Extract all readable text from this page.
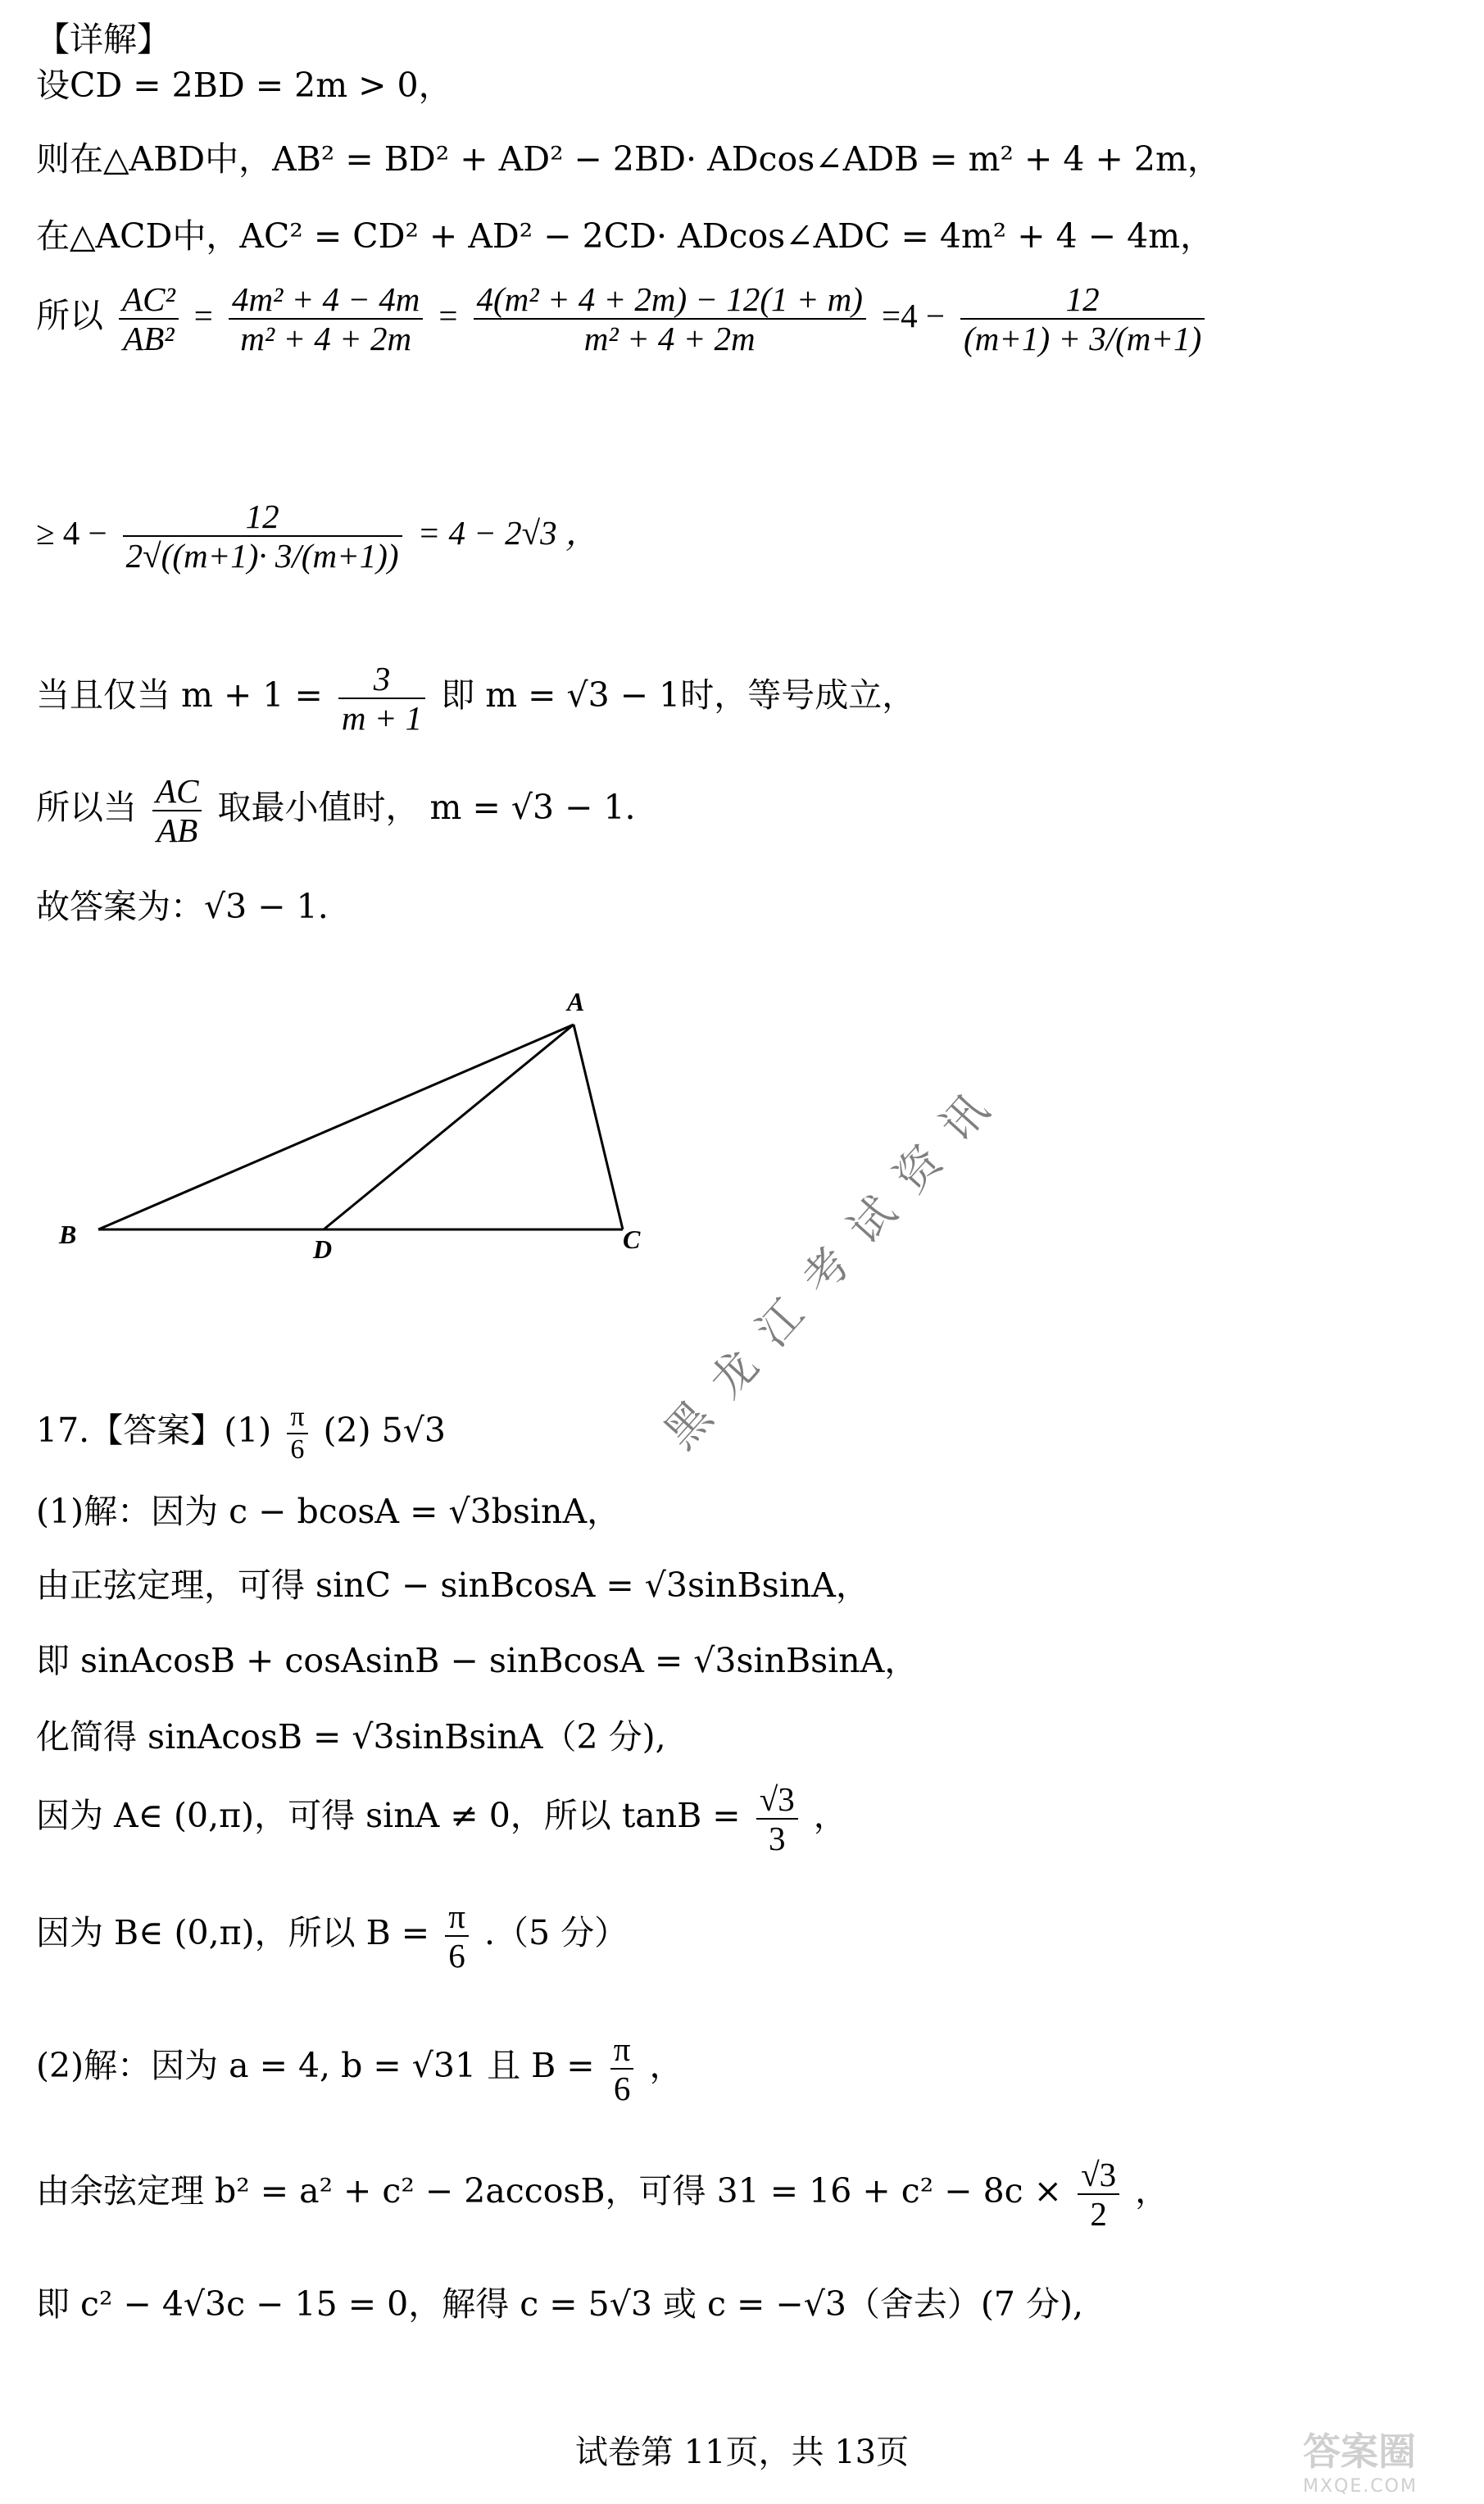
【详解】
设CD = 2BD = 2m > 0，
则在△ABD中，AB² = BD² + AD² − 2BD· ADcos∠ADB = m² + 4 + 2m，
在△ACD中，AC² = CD² + AD² − 2CD· ADcos∠ADC = 4m² + 4 − 4m，
所以 $\frac{\text{AC²}}{\text{AB²}} = \frac{\text{4m² + 4 − 4m}}{\text{m² + 4 + 2m}} = \frac{\text{4(m² + 4 + 2m) − 12(1 + m)}}{\text{m² + 4 + 2m}} =4 - \frac{12}{(m+1) + 3/(m+1)}$
≥ $4 - \frac{12}{2√((m+1)\cdot 3/(m+1))} = 4 - 2√3$ ，
当且仅当 $m + 1 = \frac{3}{m + 1}$ 即 m = √3 − 1时，等号成立，
所以当 $\frac{AC}{AB}$ 取最小值时， m = √3 − 1.
故答案为：√3 − 1.
A
B	C
D	黑龙江考试资讯
17.【答案】$(1) \frac{\pi}{6} (2)$ 5√3
(1)解：因为 c − bcosA = √3bsinA，
由正弦定理，可得 sinC − sinBcosA = √3sinBsinA，
即 sinAcosB + cosAsinB − sinBcosA = √3sinBsinA，
化简得 sinAcosB = √3sinBsinA（2 分),
因为 A∈ (0,π)，可得 sinA ≠ 0，所以 $\tan B = \frac{√3}{3}$ ，
因为 B∈ (0,π)，所以 $B = \frac{\pi}{6} .(5$ 分）
(2)解：因为 a = 4, b = √31 且 $B = \frac{\pi}{6}$ ，
由余弦定理 b² = a² + c² − 2accosB，可得 $31 = 16 + c^2 - 8c \times \frac{√3}{2}$ ，
即 c² − 4√3c − 15 = 0，解得 c = 5√3 或 c = −√3（舍去）(7 分),
试卷第 11页，共 13页	答案圈
MXQE.COM
